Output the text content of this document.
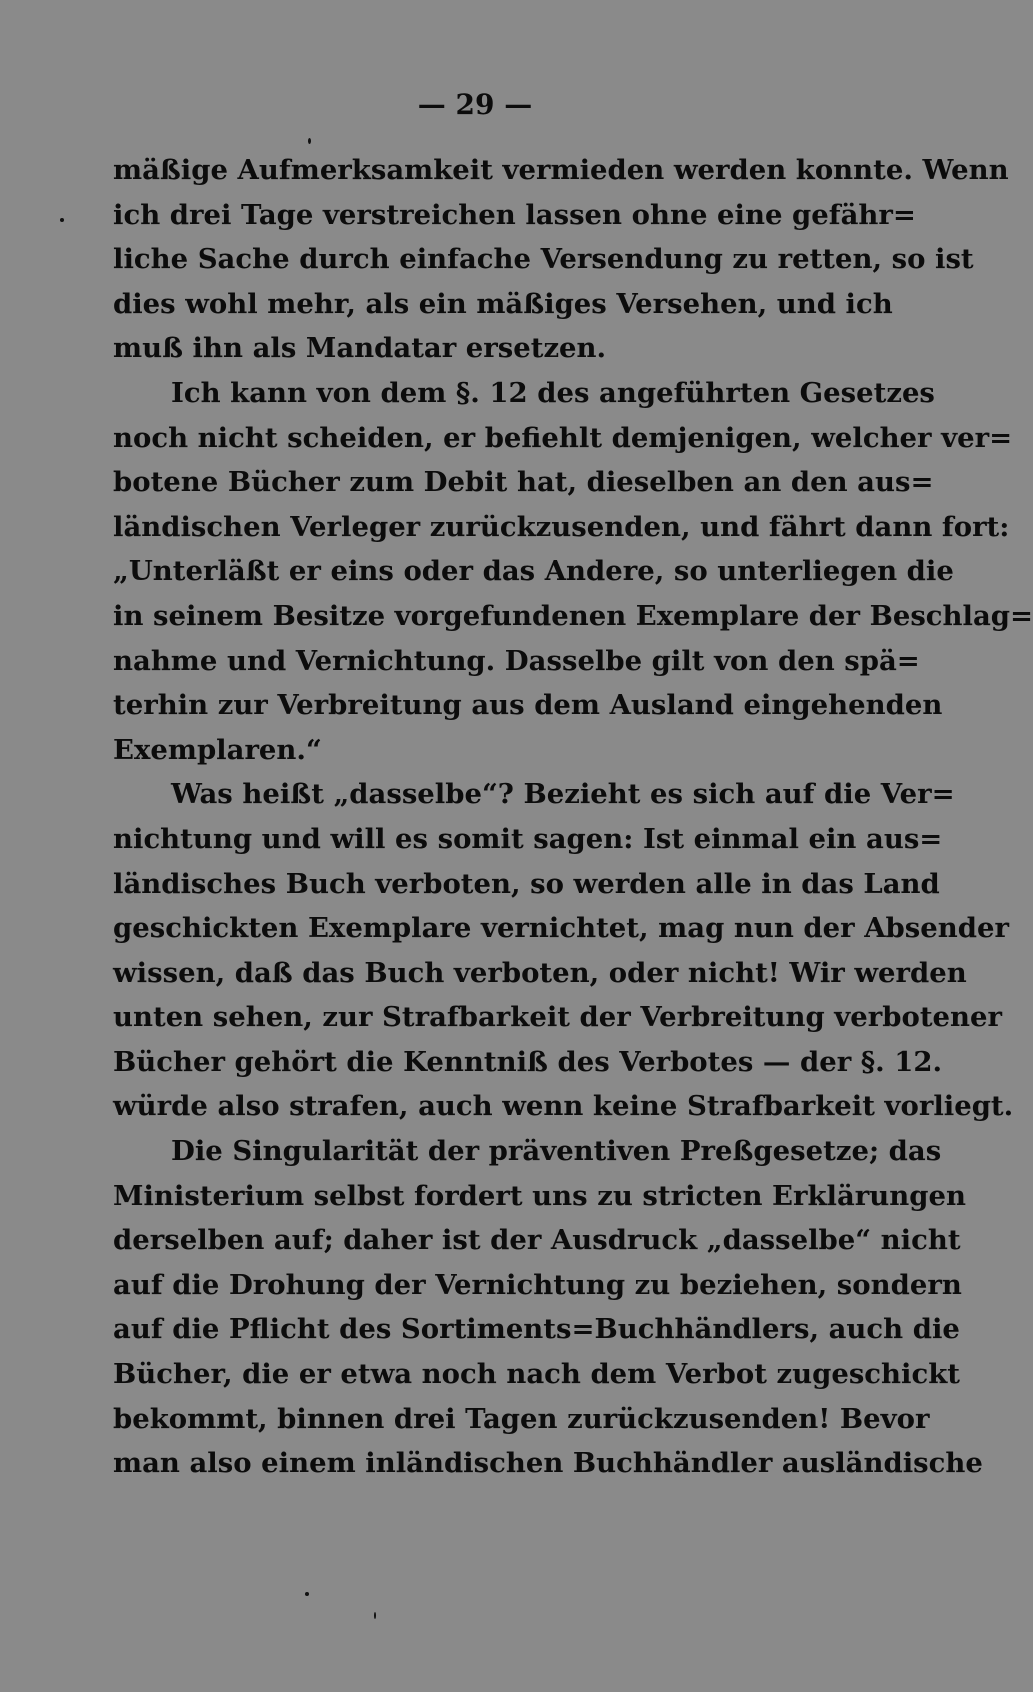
— 29 —
mäßige Aufmerksamkeit vermieden werden konnte. Wenn
ich drei Tage verstreichen lassen ohne eine gefähr=
liche Sache durch einfache Versendung zu retten, so ist
dies wohl mehr, als ein mäßiges Versehen, und ich
muß ihn als Mandatar ersetzen.
Ich kann von dem §. 12 des angeführten Gesetzes
noch nicht scheiden, er befiehlt demjenigen, welcher ver=
botene Bücher zum Debit hat, dieselben an den aus=
ländischen Verleger zurückzusenden, und fährt dann fort:
„Unterläßt er eins oder das Andere, so unterliegen die
in seinem Besitze vorgefundenen Exemplare der Beschlag=
nahme und Vernichtung. Dasselbe gilt von den spä=
terhin zur Verbreitung aus dem Ausland eingehenden
Exemplaren.“
Was heißt „dasselbe“? Bezieht es sich auf die Ver=
nichtung und will es somit sagen: Ist einmal ein aus=
ländisches Buch verboten, so werden alle in das Land
geschickten Exemplare vernichtet, mag nun der Absender
wissen, daß das Buch verboten, oder nicht! Wir werden
unten sehen, zur Strafbarkeit der Verbreitung verbotener
Bücher gehört die Kenntniß des Verbotes — der §. 12.
würde also strafen, auch wenn keine Strafbarkeit vorliegt.
Die Singularität der präventiven Preßgesetze; das
Ministerium selbst fordert uns zu stricten Erklärungen
derselben auf; daher ist der Ausdruck „dasselbe“ nicht
auf die Drohung der Vernichtung zu beziehen, sondern
auf die Pflicht des Sortiments=Buchhändlers, auch die
Bücher, die er etwa noch nach dem Verbot zugeschickt
bekommt, binnen drei Tagen zurückzusenden! Bevor
man also einem inländischen Buchhändler ausländische
